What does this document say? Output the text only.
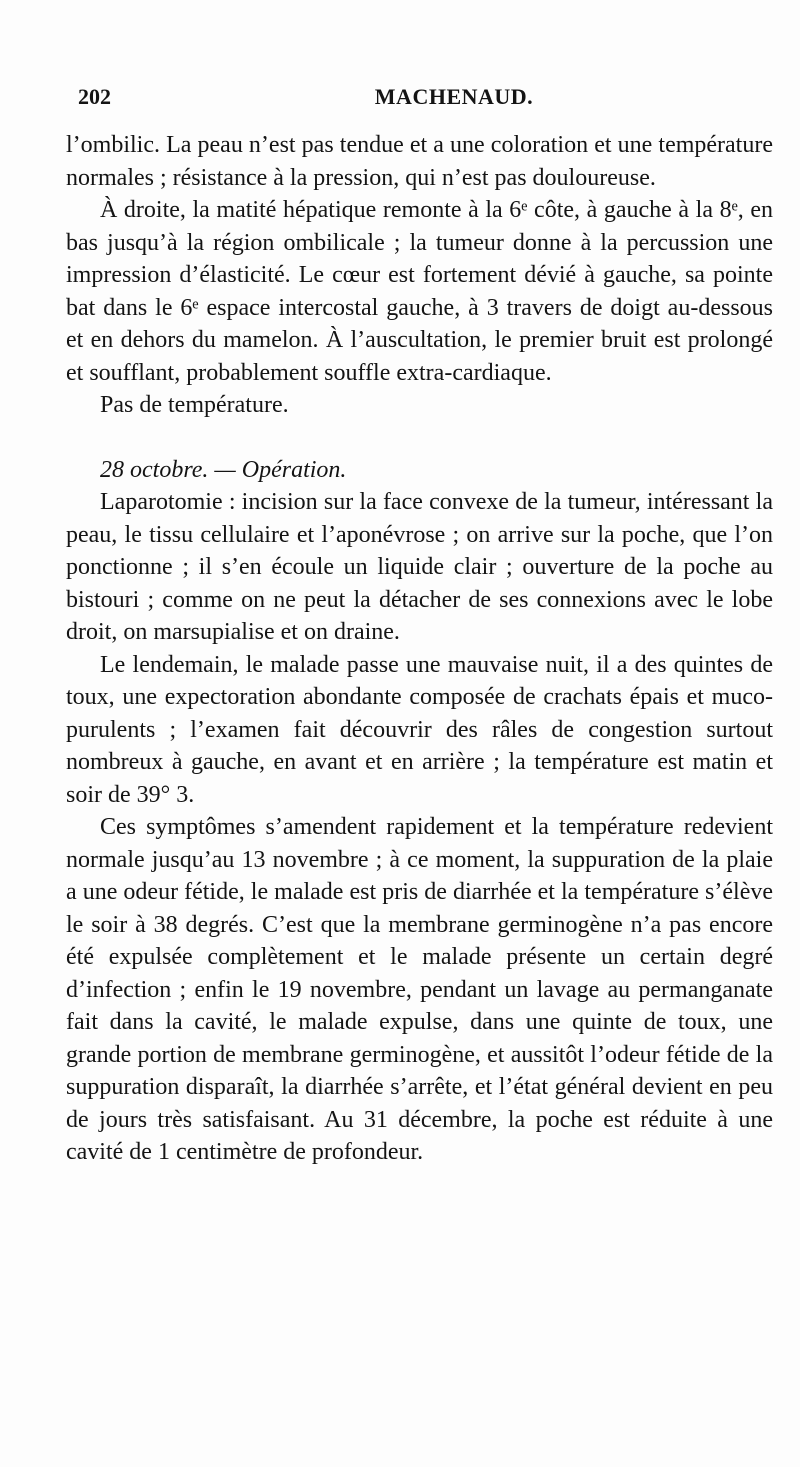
202	MACHENAUD.

l’ombilic. La peau n’est pas tendue et a une coloration et une température normales ; résistance à la pression, qui n’est pas douloureuse.

À droite, la matité hépatique remonte à la 6ᵉ côte, à gauche à la 8ᵉ, en bas jusqu’à la région ombilicale ; la tumeur donne à la percussion une impression d’élasticité. Le cœur est fortement dévié à gauche, sa pointe bat dans le 6ᵉ espace intercostal gauche, à 3 travers de doigt au-dessous et en dehors du mamelon. À l’auscultation, le premier bruit est prolongé et soufflant, probablement souffle extra-cardiaque.

Pas de température.

28 octobre. — Opération.

Laparotomie : incision sur la face convexe de la tumeur, intéressant la peau, le tissu cellulaire et l’aponévrose ; on arrive sur la poche, que l’on ponctionne ; il s’en écoule un liquide clair ; ouverture de la poche au bistouri ; comme on ne peut la détacher de ses connexions avec le lobe droit, on marsupialise et on draine.

Le lendemain, le malade passe une mauvaise nuit, il a des quintes de toux, une expectoration abondante composée de crachats épais et muco-purulents ; l’examen fait découvrir des râles de congestion surtout nombreux à gauche, en avant et en arrière ; la température est matin et soir de 39° 3.

Ces symptômes s’amendent rapidement et la température redevient normale jusqu’au 13 novembre ; à ce moment, la suppuration de la plaie a une odeur fétide, le malade est pris de diarrhée et la température s’élève le soir à 38 degrés. C’est que la membrane germinogène n’a pas encore été expulsée complètement et le malade présente un certain degré d’infection ; enfin le 19 novembre, pendant un lavage au permanganate fait dans la cavité, le malade expulse, dans une quinte de toux, une grande portion de membrane germinogène, et aussitôt l’odeur fétide de la suppuration disparaît, la diarrhée s’arrête, et l’état général devient en peu de jours très satisfaisant. Au 31 décembre, la poche est réduite à une cavité de 1 centimètre de profondeur.
